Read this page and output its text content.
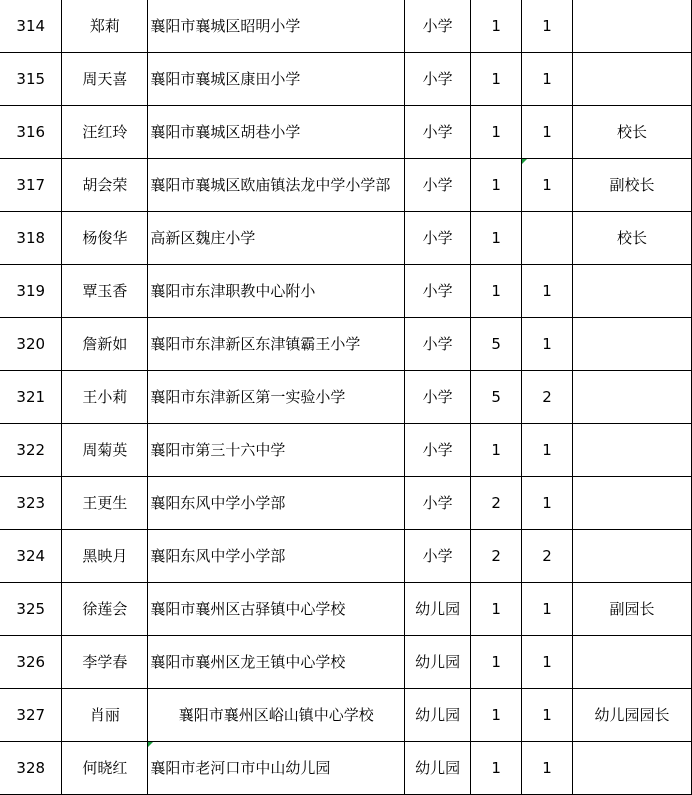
314	郑莉	襄阳市襄城区昭明小学	小学	1	1	
315	周天喜	襄阳市襄城区康田小学	小学	1	1	
316	汪红玲	襄阳市襄城区胡巷小学	小学	1	1	校长
317	胡会荣	襄阳市襄城区欧庙镇法龙中学小学部	小学	1	1	副校长
318	杨俊华	高新区魏庄小学	小学	1		校长
319	覃玉香	襄阳市东津职教中心附小	小学	1	1	
320	詹新如	襄阳市东津新区东津镇霸王小学	小学	5	1	
321	王小莉	襄阳市东津新区第一实验小学	小学	5	2	
322	周菊英	襄阳市第三十六中学	小学	1	1	
323	王更生	襄阳东风中学小学部	小学	2	1	
324	黑映月	襄阳东风中学小学部	小学	2	2	
325	徐莲会	襄阳市襄州区古驿镇中心学校	幼儿园	1	1	副园长
326	李学春	襄阳市襄州区龙王镇中心学校	幼儿园	1	1	
327	肖丽	襄阳市襄州区峪山镇中心学校	幼儿园	1	1	幼儿园园长
328	何晓红	襄阳市老河口市中山幼儿园	幼儿园	1	1	
